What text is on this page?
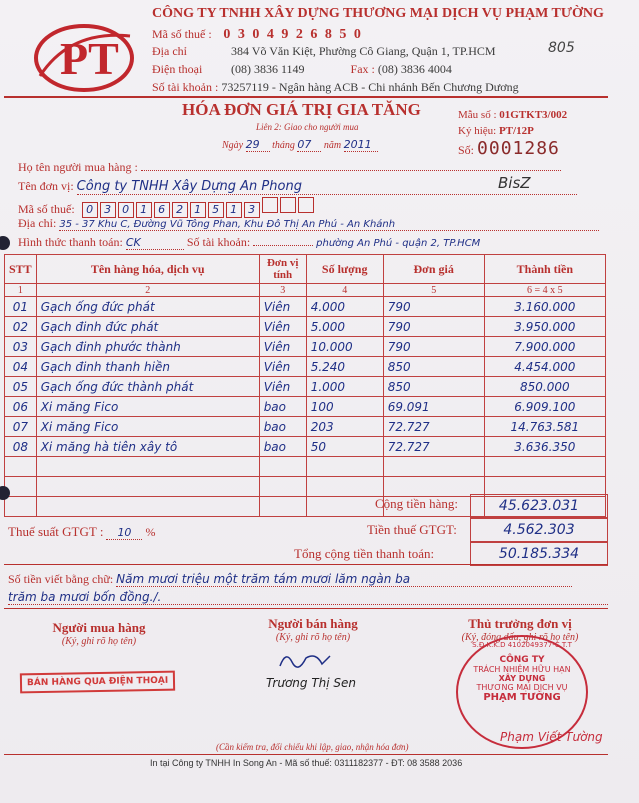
PT
CÔNG TY TNHH XÂY DỰNG THƯƠNG MẠI DỊCH VỤ PHẠM TƯỜNG
Mã số thuế : 0 3 0 4 9 2 6 8 5 0
Địa chỉ	384 Võ Văn Kiệt, Phường Cô Giang, Quận 1, TP.HCM
Điện thoại (08) 3836 1149	Fax : (08) 3836 4004
Số tài khoản : 73257119 - Ngân hàng ACB - Chi nhánh Bến Chương Dương
805
HÓA ĐƠN GIÁ TRỊ GIA TĂNG
Liên 2: Giao cho người mua
Ngày 29 tháng 07 năm 2011
Mẫu số : 01GTKT3/002
Ký hiệu: PT/12P
Số: 0001286
Họ tên người mua hàng :
Tên đơn vị: Công ty TNHH Xây Dựng An Phong	BisZ
Mã số thuế: 0 3 0 1 6 2 1 5 1 3
Địa chỉ: 35 - 37 Khu C, Đường Vũ Tông Phan, Khu Đô Thị An Phú - An Khánh
Hình thức thanh toán: CK	Số tài khoản:	phường An Phú - quận 2, TP.HCM
STT	Tên hàng hóa, dịch vụ	Đơn vị tính	Số lượng	Đơn giá	Thành tiền
1	2	3	4	5	6 = 4 x 5
01	Gạch ống đức phát	Viên	4.000	790	3.160.000
02	Gạch đinh đức phát	Viên	5.000	790	3.950.000
03	Gạch đinh phước thành	Viên	10.000	790	7.900.000
04	Gạch đinh thanh hiền	Viên	5.240	850	4.454.000
05	Gạch ống đức thành phát	Viên	1.000	850	850.000
06	Xi măng Fico	bao	100	69.091	6.909.100
07	Xi măng Fico	bao	203	72.727	14.763.581
08	Xi măng hà tiên xây tô	bao	50	72.727	3.636.350

Cộng tiền hàng:	45.623.031
Thuế suất GTGT : 10 %	Tiền thuế GTGT:	4.562.303
Tổng cộng tiền thanh toán:	50.185.334
Số tiền viết bằng chữ: Năm mươi triệu một trăm tám mươi lăm ngàn ba
trăm ba mươi bốn đồng./.
Người mua hàng
(Ký, ghi rõ họ tên)
BÁN HÀNG QUA ĐIỆN THOẠI
Người bán hàng
(Ký, ghi rõ họ tên)
Trương Thị Sen
Thủ trưởng đơn vị
(Ký, đóng dấu, ghi rõ họ tên)
S.Đ.K.K.D 4102049377-C.T.T
CÔNG TY
TRÁCH NHIỆM HỮU HẠN
XÂY DỰNG
THƯƠNG MẠI DỊCH VỤ
PHẠM TƯỜNG
Phạm Viết Tường
(Cần kiểm tra, đối chiếu khi lập, giao, nhận hóa đơn)
In tại Công ty TNHH In Song An - Mã số thuế: 0311182377 - ĐT: 08 3588 2036
